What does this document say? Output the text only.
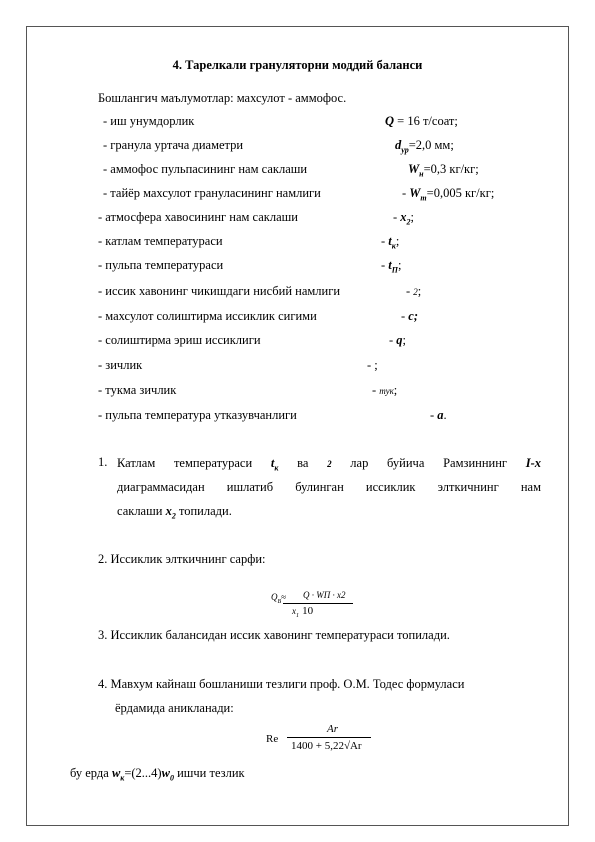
4. Тарелкали грануляторни моддий баланси
Бошлангич маълумотлар: махсулот - аммофос.
- иш унумдорлик	Q = 16 т/соат;
- гранула уртача диаметри	$d_{ур}=2,0$ мм;
- аммофос пульпасининг нам саклаши	$W_н=0,3$ кг/кг;
- тайёр махсулот грануласининг намлиги	- $W_т=0,005$ кг/кг;
- атмосфера хавосининг нам саклаши	- $x_2$;
- катлам температураси	- $t_к$;
- пульпа температураси	- $t_П$;
- иссик хавонинг чикишдаги нисбий намлиги	- 2;
- махсулот солиштирма иссиклик сигими	- с;
- солиштирма эриш иссиклиги	- q;
- зичлик	- ;
- тукма зичлик	- тук;
- пульпа температура утказувчанлиги	- а.
1. Катлам   температураси   $t_к$   ва   2   лар   буйича   Рамзиннинг   I-x
диаграммасидан ишлатиб булинган иссиклик элткичнинг нам
саклаши $x_2$ топилади.
2. Иссиклик элткичнинг сарфи:
$Q_В\approx Q$ · WП · x2
$x_1$ 10
3. Иссиклик балансидан иссик хавонинг температураси топилади.
4. Мавхум кайнаш бошланиши тезлиги проф. О.М. Тодес формуласи
ёрдамида аникланади:
Re
Ar
1400 + 5,22√Ar
бу ерда $w_к=(2...4)w_0$ ишчи тезлик
